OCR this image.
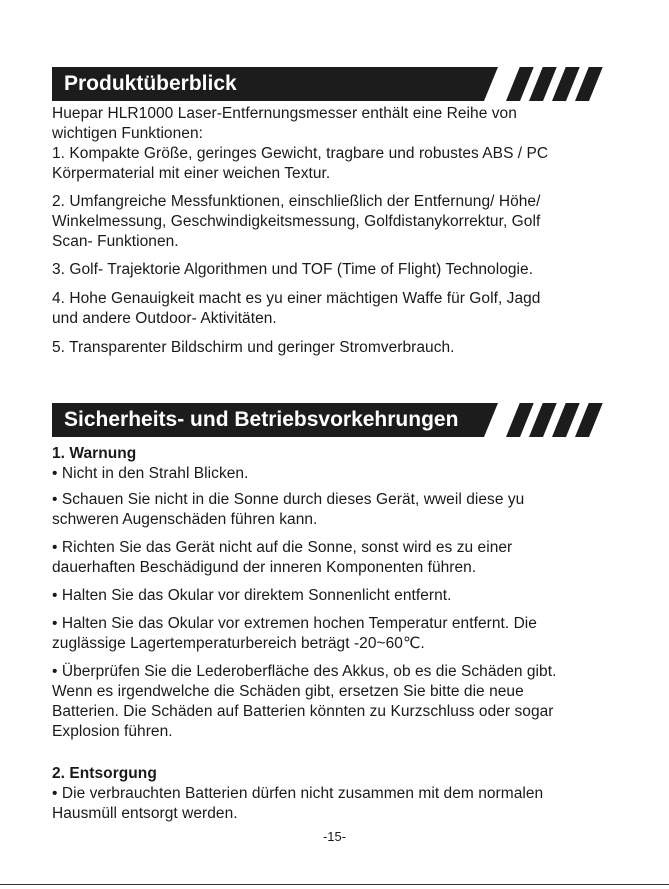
Produktüberblick

Huepar HLR1000 Laser-Entfernungsmesser enthält eine Reihe von

wichtigen Funktionen:

1. Kompakte Größe, geringes Gewicht, tragbare und robustes ABS / PC
Körpermaterial mit einer weichen Textur.

2. Umfangreiche Messfunktionen, einschließlich der Entfernung/ Höhe/
Winkelmessung, Geschwindigkeitsmessung, Golfdistanykorrektur, Golf
Scan- Funktionen.

3. Golf- Trajektorie Algorithmen und TOF (Time of Flight) Technologie.

4. Hohe Genauigkeit macht es yu einer mächtigen Waffe für Golf, Jagd
und andere Outdoor- Aktivitäten.

5. Transparenter Bildschirm und geringer Stromverbrauch.

Sicherheits- und Betriebsvorkehrungen

1. Warnung

• Nicht in den Strahl Blicken.

• Schauen Sie nicht in die Sonne durch dieses Gerät, wweil diese yu
schweren Augenschäden führen kann.

• Richten Sie das Gerät nicht auf die Sonne, sonst wird es zu einer
dauerhaften Beschädigund der inneren Komponenten führen.

• Halten Sie das Okular vor direktem Sonnenlicht entfernt.

• Halten Sie das Okular vor extremen hochen Temperatur entfernt. Die
zuglässige Lagertemperaturbereich beträgt -20~60℃.

• Überprüfen Sie die Lederoberfläche des Akkus, ob es die Schäden gibt.
Wenn es irgendwelche die Schäden gibt, ersetzen Sie bitte die neue
Batterien. Die Schäden auf Batterien könnten zu Kurzschluss oder sogar
Explosion führen.

2. Entsorgung

• Die verbrauchten Batterien dürfen nicht zusammen mit dem normalen
Hausmüll entsorgt werden.

-15-
